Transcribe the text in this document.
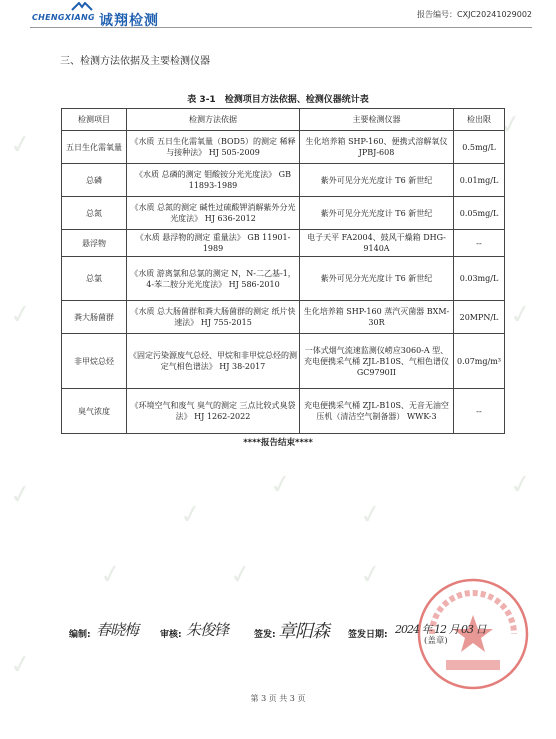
CHENGXIANG 诚翔检测	报告编号：CXJC20241029002
✓
✓
✓
✓
✓
✓
✓
✓	✓	✓
✓
✓
✓
三、检测方法依据及主要检测仪器
表 3-1　检测项目方法依据、检测仪器统计表
检测项目	检测方法依据	主要检测仪器	检出限
五日生化需氧量	《水质 五日生化需氧量（BOD5）的测定 稀释与接种法》 HJ 505-2009	生化培养箱 SHP-160、便携式溶解氧仪 JPBJ-608	0.5mg/L
总磷	《水质 总磷的测定 钼酸铵分光光度法》 GB 11893-1989	紫外可见分光光度计 T6 新世纪	0.01mg/L
总氮	《水质 总氮的测定 碱性过硫酸钾消解紫外分光光度法》 HJ 636-2012	紫外可见分光光度计 T6 新世纪	0.05mg/L
悬浮物	《水质 悬浮物的测定 重量法》 GB 11901-1989	电子天平 FA2004、鼓风干燥箱 DHG-9140A	--
总氯	《水质 游离氯和总氯的测定 N，N-二乙基-1，4-苯二胺分光光度法》 HJ 586-2010	紫外可见分光光度计 T6 新世纪	0.03mg/L
粪大肠菌群	《水质 总大肠菌群和粪大肠菌群的测定 纸片快速法》 HJ 755-2015	生化培养箱 SHP-160 蒸汽灭菌器 BXM-30R	20MPN/L
非甲烷总烃	《固定污染源废气总烃、甲烷和非甲烷总烃的测定气相色谱法》 HJ 38-2017	一体式烟气流速监测仪崂应3060-A 型、充电便携采气桶 ZJL-B10S、气相色谱仪 GC9790II	0.07mg/m³
臭气浓度	《环境空气和废气 臭气的测定 三点比较式臭袋法》 HJ 1262-2022	充电便携采气桶 ZJL-B10S、无音无油空压机（清洁空气制备器） WWK-3	--
****报告结束****
编制: 春晓梅 审核: 朱俊锋	签发: 章阳森 签发日期: 2024 年 12 月 03 日
(盖章)
第 3 页 共 3 页
